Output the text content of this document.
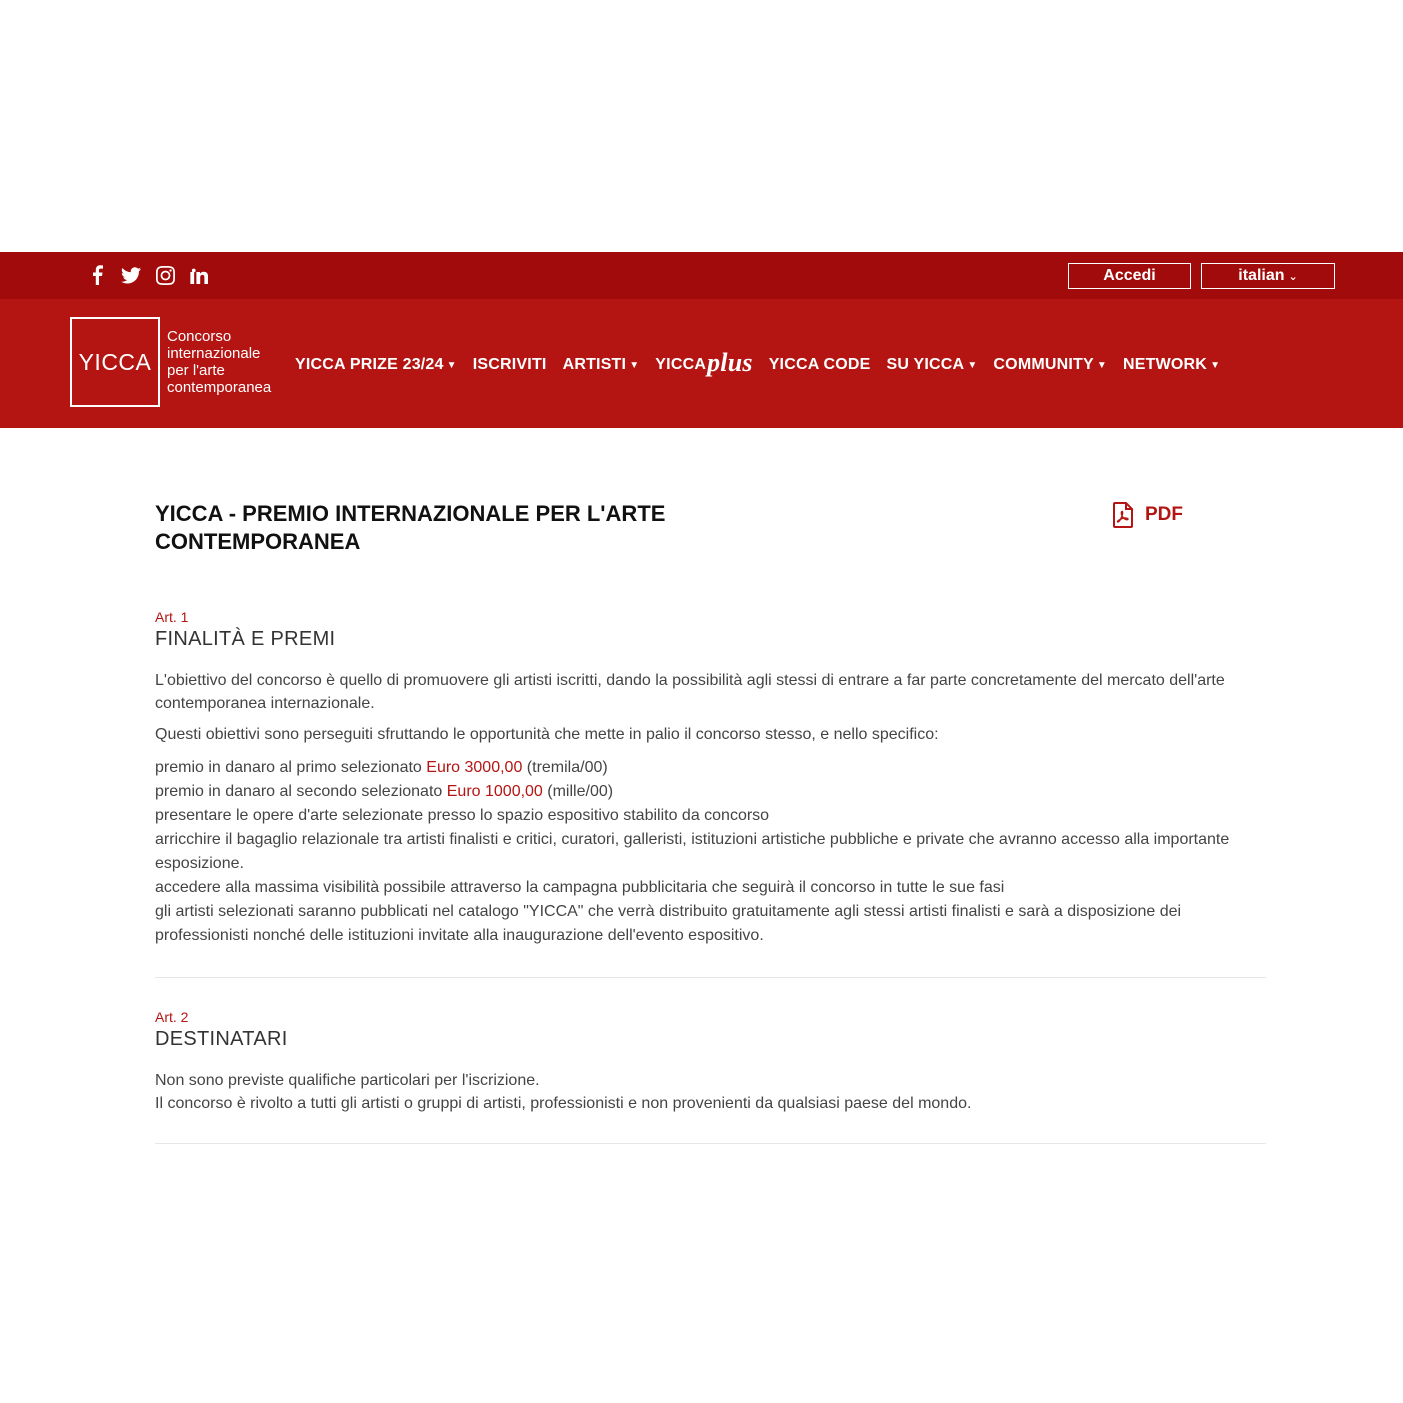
Accedi	italian ⌄
YICCA
Concorso
internazionale
per l'arte
contemporanea
YICCA PRIZE 23/24 ▼ ISCRIVITI ARTISTI ▼ YICCA plus YICCA CODE SU YICCA ▼ COMMUNITY ▼ NETWORK ▼
YICCA - PREMIO INTERNAZIONALE PER L'ARTE CONTEMPORANEA
PDF
Art. 1
FINALITÀ E PREMI

L'obiettivo del concorso è quello di promuovere gli artisti iscritti, dando la possibilità agli stessi di entrare a far parte concretamente del mercato dell'arte contemporanea internazionale.

Questi obiettivi sono perseguiti sfruttando le opportunità che mette in palio il concorso stesso, e nello specifico:

premio in danaro al primo selezionato Euro 3000,00 (tremila/00)
premio in danaro al secondo selezionato Euro 1000,00 (mille/00)
presentare le opere d'arte selezionate presso lo spazio espositivo stabilito da concorso
arricchire il bagaglio relazionale tra artisti finalisti e critici, curatori, galleristi, istituzioni artistiche pubbliche e private che avranno accesso alla importante esposizione.
accedere alla massima visibilità possibile attraverso la campagna pubblicitaria che seguirà il concorso in tutte le sue fasi
gli artisti selezionati saranno pubblicati nel catalogo "YICCA" che verrà distribuito gratuitamente agli stessi artisti finalisti e sarà a disposizione dei professionisti nonché delle istituzioni invitate alla inaugurazione dell'evento espositivo.
Art. 2
DESTINATARI
Non sono previste qualifiche particolari per l'iscrizione.
Il concorso è rivolto a tutti gli artisti o gruppi di artisti, professionisti e non provenienti da qualsiasi paese del mondo.
